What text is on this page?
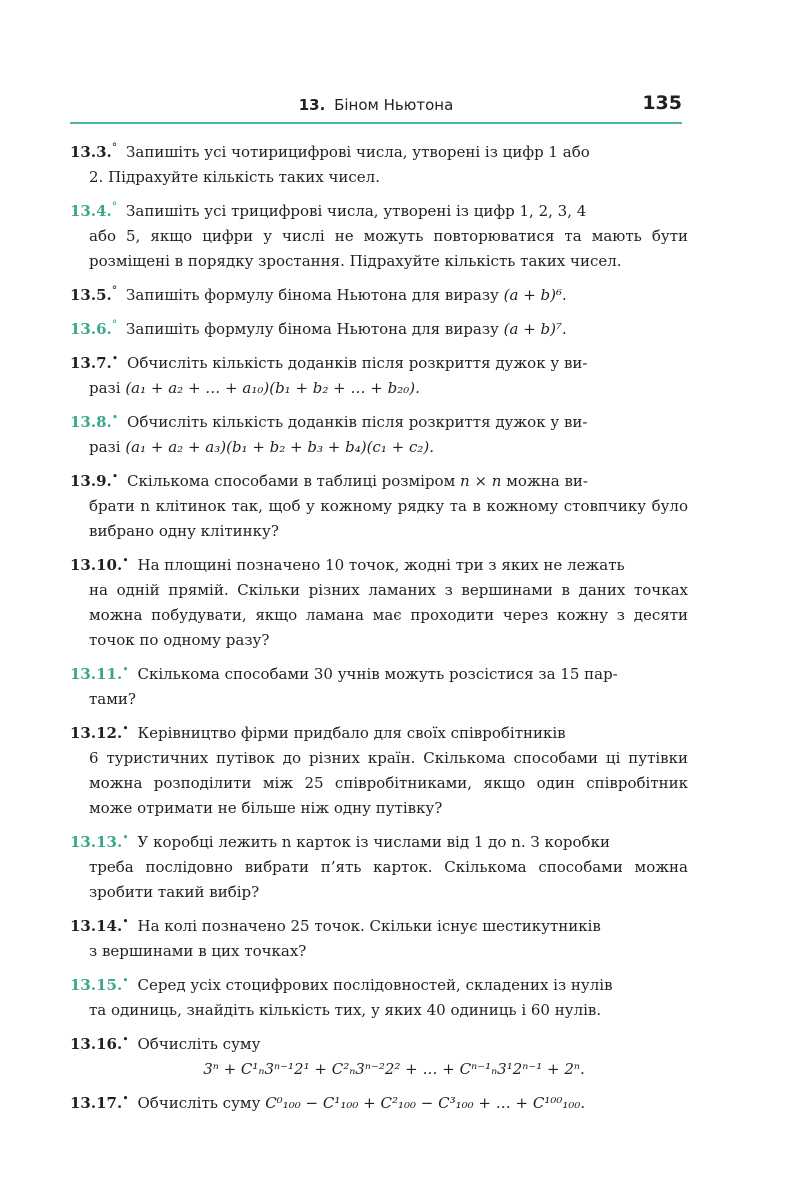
13. Біном Ньютона	135
13.3.° Запишіть усі чотирицифрові числа, утворені із цифр 1 або
2. Підрахуйте кількість таких чисел.
13.4.° Запишіть усі трицифрові числа, утворені із цифр 1, 2, 3, 4
або 5, якщо цифри у числі не можуть повторюватися та мають бути розміщені в порядку зростання. Підрахуйте кількість таких чисел.
13.5.° Запишіть формулу бінома Ньютона для виразу (a + b)⁶.
13.6.° Запишіть формулу бінома Ньютона для виразу (a + b)⁷.
13.7.• Обчисліть кількість доданків після розкриття дужок у ви-
разі (a₁ + a₂ + … + a₁₀)(b₁ + b₂ + … + b₂₀).
13.8.• Обчисліть кількість доданків після розкриття дужок у ви-
разі (a₁ + a₂ + a₃)(b₁ + b₂ + b₃ + b₄)(c₁ + c₂).
13.9.• Скількома способами в таблиці розміром n × n можна ви-
брати n клітинок так, щоб у кожному рядку та в кожному стовпчику було вибрано одну клітинку?
13.10.• На площині позначено 10 точок, жодні три з яких не лежать
на одній прямій. Скільки різних ламаних з вершинами в даних точках можна побудувати, якщо ламана має проходити через кожну з десяти точок по одному разу?
13.11.• Скількома способами 30 учнів можуть розсістися за 15 пар-
тами?
13.12.• Керівництво фірми придбало для своїх співробітників
6 туристичних путівок до різних країн. Скількома способами ці путівки можна розподілити між 25 співробітниками, якщо один співробітник може отримати не більше ніж одну путівку?
13.13.• У коробці лежить n карток із числами від 1 до n. З коробки
треба послідовно вибрати п’ять карток. Скількома способами можна зробити такий вибір?
13.14.• На колі позначено 25 точок. Скільки існує шестикутників
з вершинами в цих точках?
13.15.• Серед усіх стоцифрових послідовностей, складених із нулів
та одиниць, знайдіть кількість тих, у яких 40 одиниць і 60 нулів.
13.16.• Обчисліть суму
3ⁿ + C¹ₙ3ⁿ⁻¹2¹ + C²ₙ3ⁿ⁻²2² + … + Cⁿ⁻¹ₙ3¹2ⁿ⁻¹ + 2ⁿ.
13.17.• Обчисліть суму C⁰₁₀₀ − C¹₁₀₀ + C²₁₀₀ − C³₁₀₀ + … + C¹⁰⁰₁₀₀.
